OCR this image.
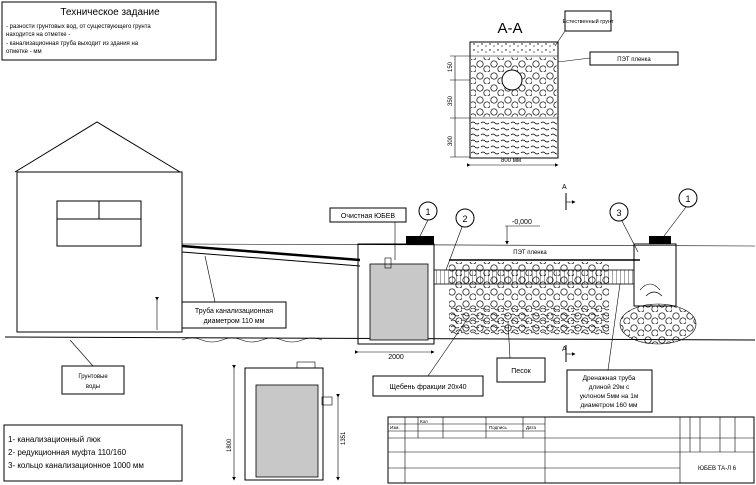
Техническое задание
- разности грунтовых вод, от существующего грунта
находится на отметке -
- канализационная труба выходит из здания на
отметке - мм
А-А
150
350
300
800 мм
Естественный грунт
ПЭТ пленка
Труба канализационная
диаметром 110 мм
Грунтовые
воды
Очистная ЮБЕВ	1
2000
ПЭТ пленка
2	-0,000
А
А
3
1
Щебень фракции 20х40
Песок
Дренажная труба
длиной 29м с
уклоном 5мм на 1м
диаметром 160 мм
1800
1351
1- канализационный люк
2- редукционная муфта 110/160
3- кольцо канализационное 1000 мм
Изм.
Кол
Подпись	Дата
ЮБЕВ ТА-Л 6
